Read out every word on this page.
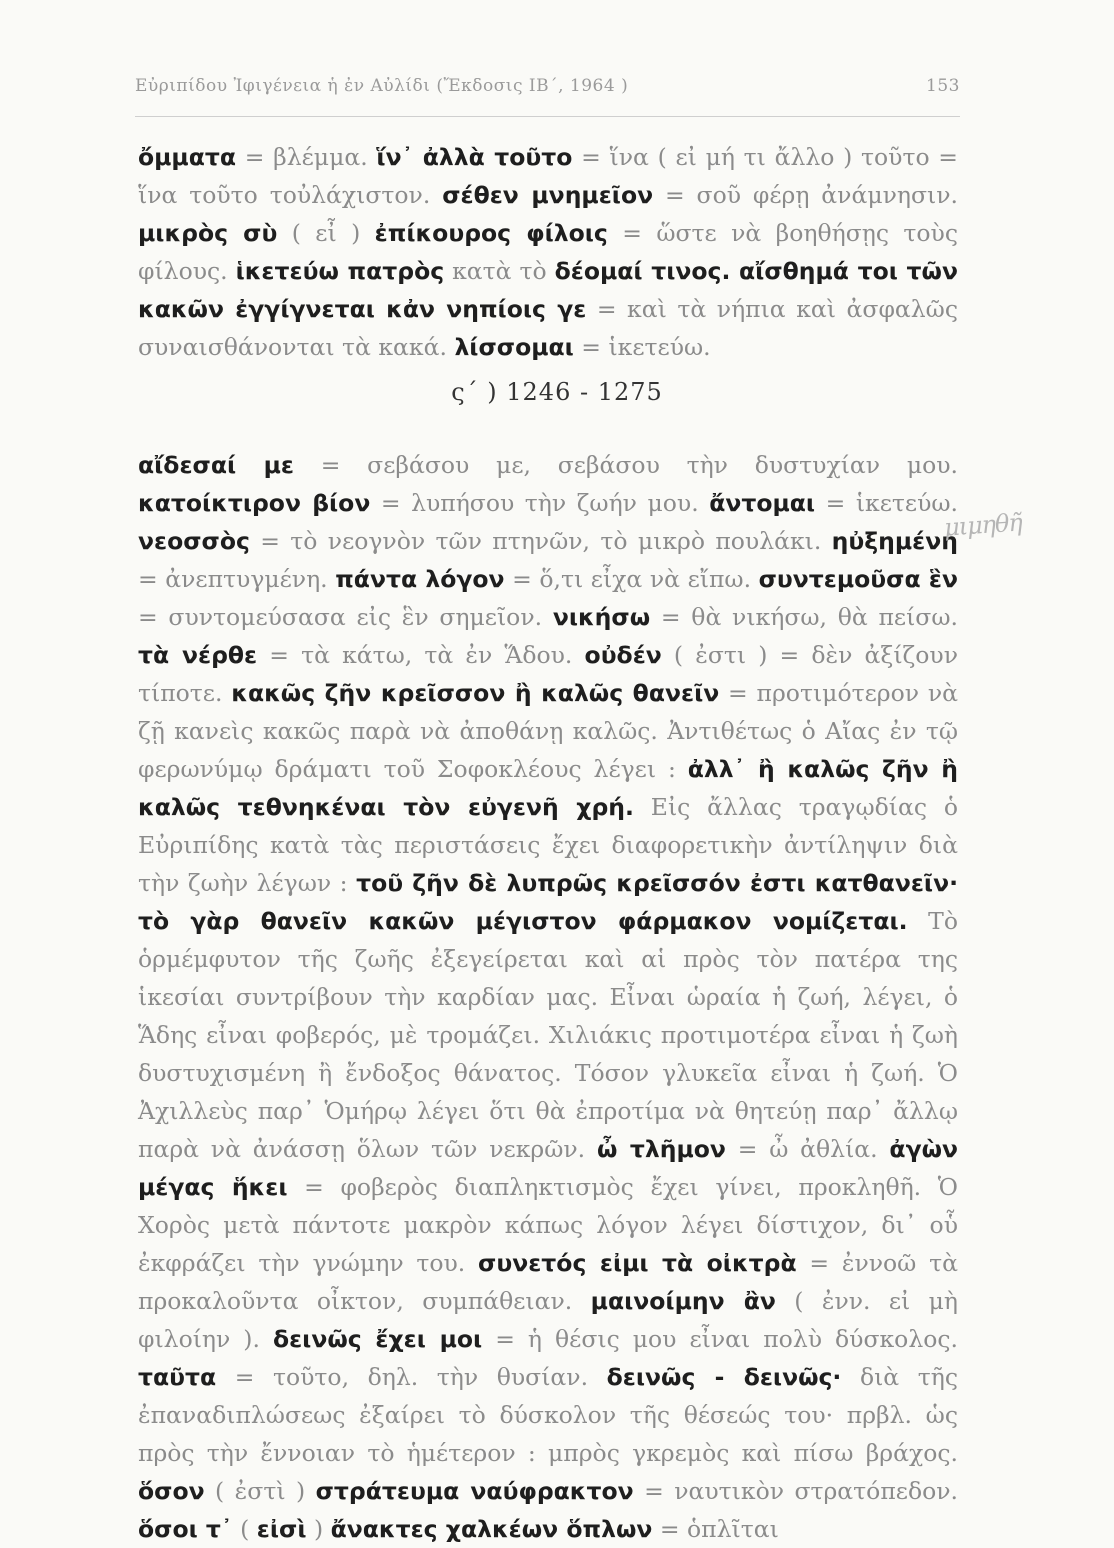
Εὐριπίδου Ἰφιγένεια ἡ ἐν Αὐλίδι (Ἔκδοσις ΙΒ΄, 1964 )	153

ὄμματα = βλέμμα. ἵν᾽ ἀλλὰ τοῦτο = ἵνα ( εἰ μή τι ἄλλο ) τοῦτο = ἵνα τοῦτο τοὐλάχιστον. σέθεν μνημεῖον = σοῦ φέρῃ ἀνάμνησιν. μικρὸς σὺ ( εἶ ) ἐπίκουρος φίλοις = ὥστε νὰ βοηθήσῃς τοὺς φίλους. ἱκετεύω πατρὸς κατὰ τὸ δέομαί τινος. αἴσθημά τοι τῶν κακῶν ἐγγίγνεται κἀν νηπίοις γε = καὶ τὰ νήπια καὶ ἀσφαλῶς συναισθάνονται τὰ κακά. λίσσομαι = ἱκετεύω.

ς΄ ) 1246 - 1275

αἴδεσαί με = σεβάσου με, σεβάσου τὴν δυστυχίαν μου. κατοίκτιρον βίον = λυπήσου τὴν ζωήν μου. ἄντομαι = ἱκετεύω. νεοσσὸς = τὸ νεογνὸν τῶν πτηνῶν, τὸ μικρὸ πουλάκι. ηὐξημένη = ἀνεπτυγμένη. πάντα λόγον = ὅ,τι εἶχα νὰ εἴπω. συντεμοῦσα ἓν = συντομεύσασα εἰς ἓν σημεῖον. νικήσω = θὰ νικήσω, θὰ πείσω. τὰ νέρθε = τὰ κάτω, τὰ ἐν Ἅδου. οὐδέν ( ἐστι ) = δὲν ἀξίζουν τίποτε. κακῶς ζῆν κρεῖσσον ἢ καλῶς θανεῖν = προτιμότερον νὰ ζῇ κανεὶς κακῶς παρὰ νὰ ἀποθάνῃ καλῶς. Ἀντιθέτως ὁ Αἴας ἐν τῷ φερωνύμῳ δράματι τοῦ Σοφοκλέους λέγει : ἀλλ᾽ ἢ καλῶς ζῆν ἢ καλῶς τεθνηκέναι τὸν εὐγενῆ χρή. Εἰς ἄλλας τραγῳδίας ὁ Εὐριπίδης κατὰ τὰς περιστάσεις ἔχει διαφορετικὴν ἀντίληψιν διὰ τὴν ζωὴν λέγων : τοῦ ζῆν δὲ λυπρῶς κρεῖσσόν ἐστι κατθανεῖν· τὸ γὰρ θανεῖν κακῶν μέγιστον φάρμακον νομίζεται. Τὸ ὁρμέμφυτον τῆς ζωῆς ἐξεγείρεται καὶ αἱ πρὸς τὸν πατέρα της ἱκεσίαι συντρίβουν τὴν καρδίαν μας. Εἶναι ὡραία ἡ ζωή, λέγει, ὁ Ἅδης εἶναι φοβερός, μὲ τρομάζει. Χιλιάκις προτιμοτέρα εἶναι ἡ ζωὴ δυστυχισμένη ἢ ἔνδοξος θάνατος. Τόσον γλυκεῖα εἶναι ἡ ζωή. Ὁ Ἀχιλλεὺς παρ᾽ Ὁμήρῳ λέγει ὅτι θὰ ἐπροτίμα νὰ θητεύῃ παρ᾽ ἄλλῳ παρὰ νὰ ἀνάσσῃ ὅλων τῶν νεκρῶν. ὦ τλῆμον = ὦ ἀθλία. ἀγὼν μέγας ἥκει = φοβερὸς διαπληκτισμὸς ἔχει γίνει, προκληθῆ. Ὁ Χορὸς μετὰ πάντοτε μακρὸν κάπως λόγον λέγει δίστιχον, δι᾽ οὗ ἐκφράζει τὴν γνώμην του. συνετός εἰμι τὰ οἰκτρὰ = ἐννοῶ τὰ προκαλοῦντα οἶκτον, συμπάθειαν. μαινοίμην ἂν ( ἐνν. εἰ μὴ φιλοίην ). δεινῶς ἔχει μοι = ἡ θέσις μου εἶναι πολὺ δύσκολος. ταῦτα = τοῦτο, δηλ. τὴν θυσίαν. δεινῶς - δεινῶς· διὰ τῆς ἐπαναδιπλώσεως ἐξαίρει τὸ δύσκολον τῆς θέσεώς του· πρβλ. ὡς πρὸς τὴν ἔννοιαν τὸ ἡμέτερον : μπρὸς γκρεμὸς καὶ πίσω βράχος. ὅσον ( ἐστὶ ) στράτευμα ναύφρακτον = ναυτικὸν στρατόπεδον. ὅσοι τ᾽ ( εἰσὶ ) ἄνακτες χαλκέων ὅπλων = ὁπλῖται

μιμηθῆ
